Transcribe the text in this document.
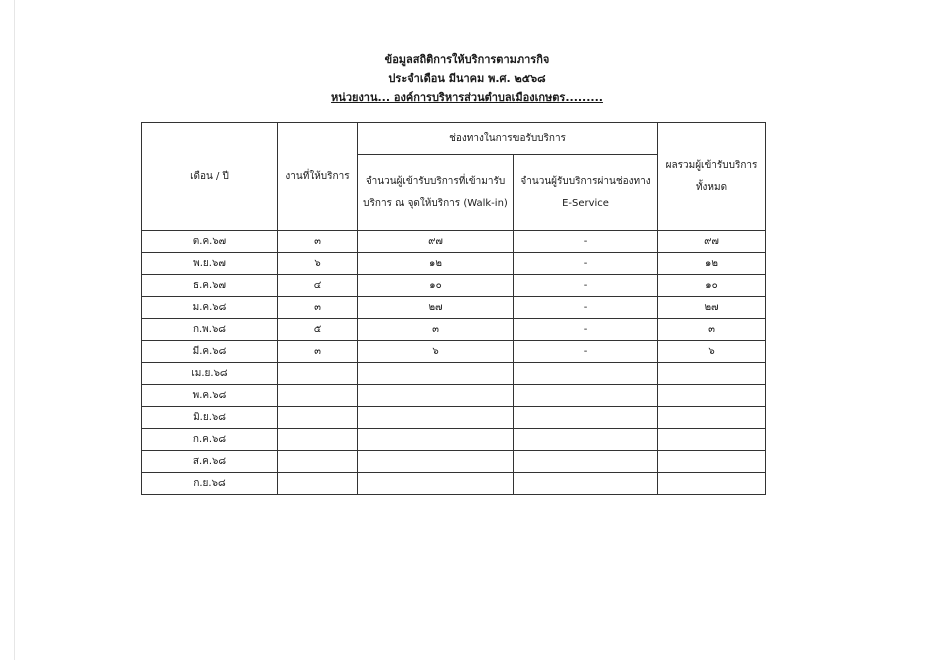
ข้อมูลสถิติการให้บริการตามภารกิจ
ประจำเดือน มีนาคม พ.ศ. ๒๕๖๘
หน่วยงาน... องค์การบริหารส่วนตำบลเมืองเกษตร.........
เดือน / ปี	งานที่ให้บริการ	ช่องทางในการขอรับบริการ		ผลรวมผู้เข้ารับบริการทั้งหมด
		จำนวนผู้เข้ารับบริการที่เข้ามารับบริการ ณ จุดให้บริการ (Walk-in)	จำนวนผู้รับบริการผ่านช่องทาง E-Service	
ต.ค.๖๗	๓	๙๗	-	๙๗
พ.ย.๖๗	๖	๑๒	-	๑๒
ธ.ค.๖๗	๔	๑๐	-	๑๐
ม.ค.๖๘	๓	๒๗	-	๒๗
ก.พ.๖๘	๕	๓	-	๓
มี.ค.๖๘	๓	๖	-	๖
เม.ย.๖๘				
พ.ค.๖๘				
มิ.ย.๖๘				
ก.ค.๖๘				
ส.ค.๖๘				
ก.ย.๖๘				
